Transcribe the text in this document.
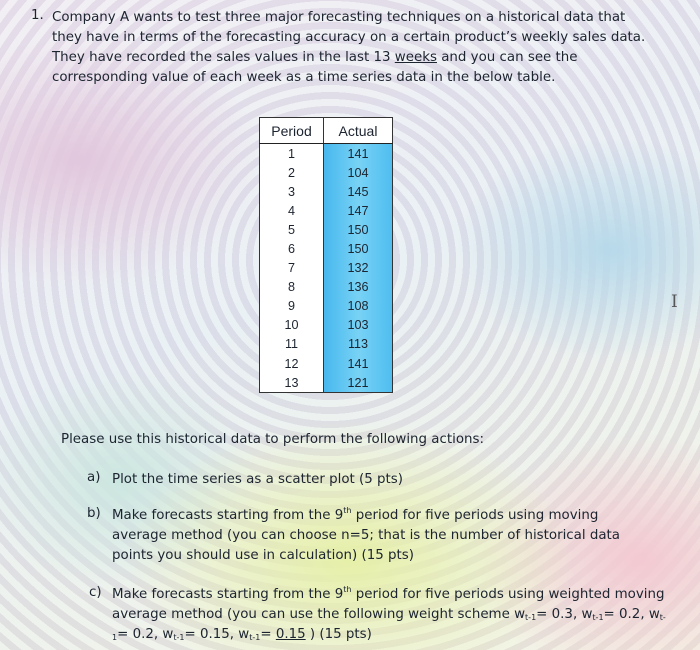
1. Company A wants to test three major forecasting techniques on a historical data that they have in terms of the forecasting accuracy on a certain product’s weekly sales data. They have recorded the sales values in the last 13 weeks and you can see the corresponding value of each week as a time series data in the below table.
Period	Actual
1	141
2	104
3	145
4	147
5	150
6	150
7	132
8	136
9	108
10	103
11	113
12	141
13	121
I
Please use this historical data to perform the following actions:
a) Plot the time series as a scatter plot (5 pts)
b) Make forecasts starting from the 9th period for five periods using moving average method (you can choose n=5; that is the number of historical data points you should use in calculation) (15 pts)
c) Make forecasts starting from the 9th period for five periods using weighted moving average method (you can use the following weight scheme $w_{t-1}= 0.3$, $w_{t-1}= 0.2$, $w_{t-1}= 0.2$, $w_{t-1}= 0.15$, $w_{t-1}= 0.15$ ) (15 pts)
